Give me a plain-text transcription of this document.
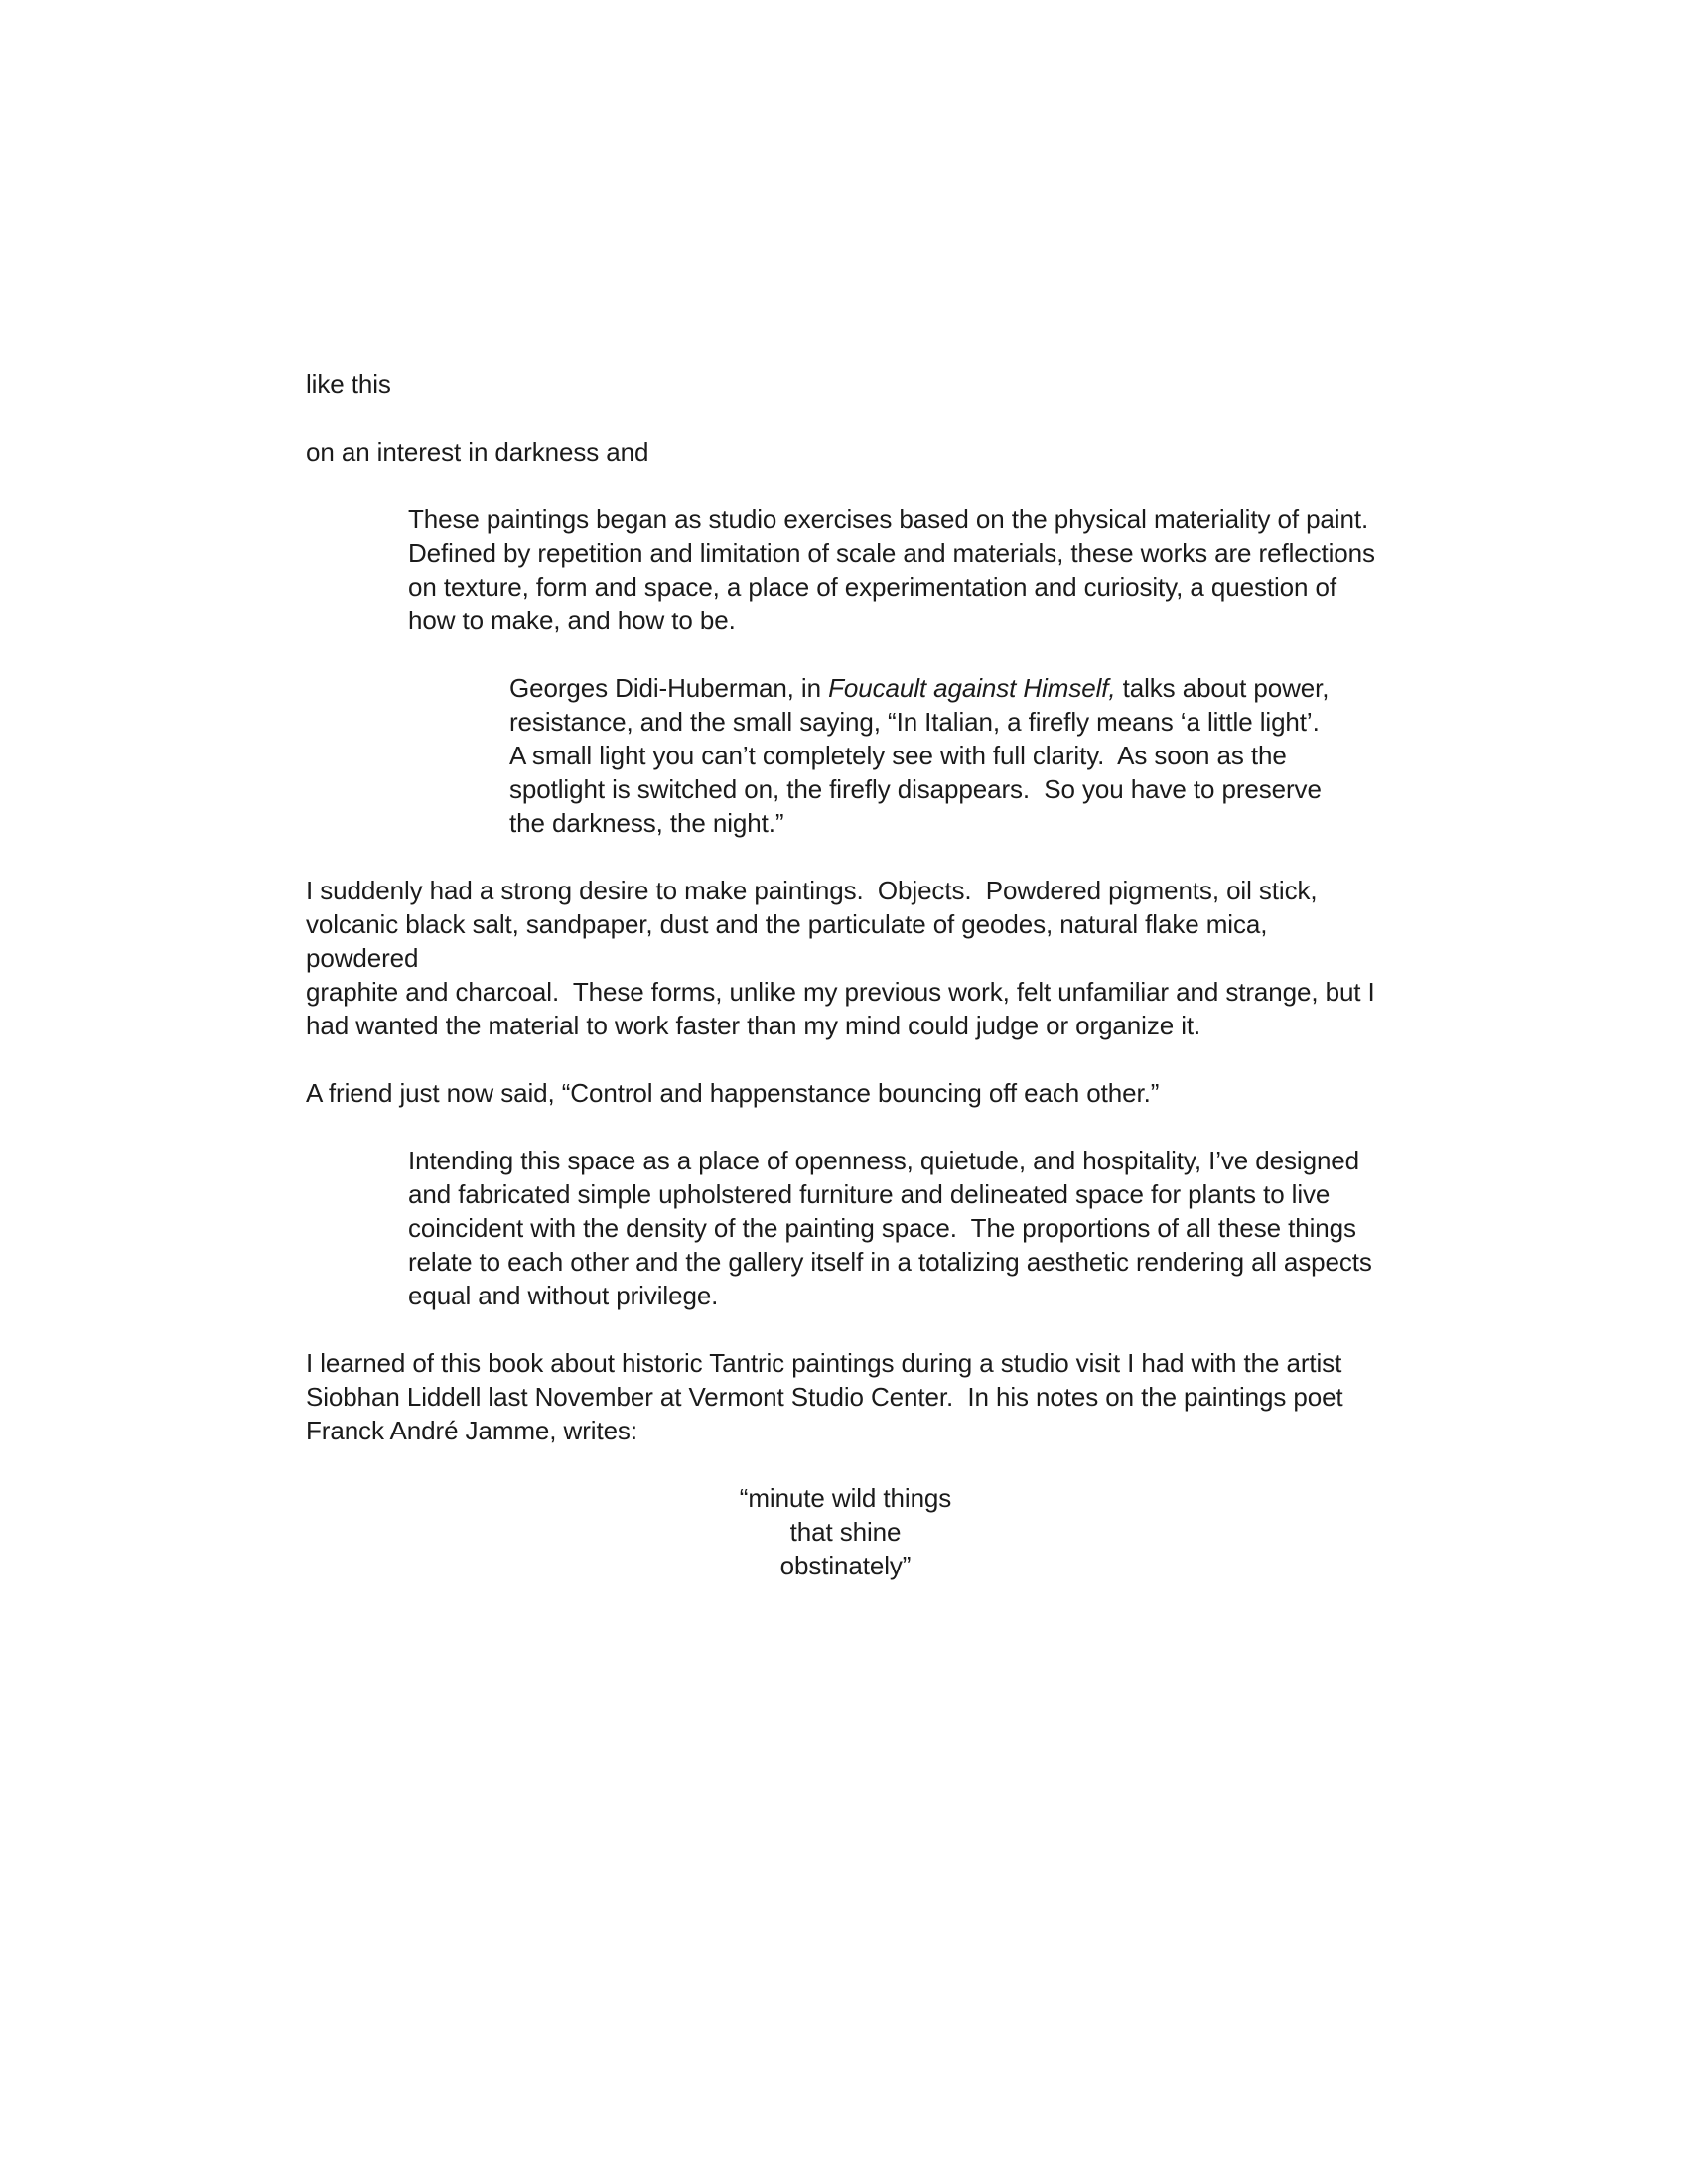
like this
on an interest in darkness and
These paintings began as studio exercises based on the physical materiality of paint.
Defined by repetition and limitation of scale and materials, these works are reflections
on texture, form and space, a place of experimentation and curiosity, a question of
how to make, and how to be.
Georges Didi-Huberman, in Foucault against Himself, talks about power,
resistance, and the small saying, “In Italian, a firefly means ‘a little light’.
A small light you can’t completely see with full clarity.  As soon as the
spotlight is switched on, the firefly disappears.  So you have to preserve
the darkness, the night.”
I suddenly had a strong desire to make paintings.  Objects.  Powdered pigments, oil stick,
volcanic black salt, sandpaper, dust and the particulate of geodes, natural flake mica, powdered
graphite and charcoal.  These forms, unlike my previous work, felt unfamiliar and strange, but I
had wanted the material to work faster than my mind could judge or organize it.
A friend just now said, “Control and happenstance bouncing off each other.”
Intending this space as a place of openness, quietude, and hospitality, I’ve designed
and fabricated simple upholstered furniture and delineated space for plants to live
coincident with the density of the painting space.  The proportions of all these things
relate to each other and the gallery itself in a totalizing aesthetic rendering all aspects
equal and without privilege.
I learned of this book about historic Tantric paintings during a studio visit I had with the artist
Siobhan Liddell last November at Vermont Studio Center.  In his notes on the paintings poet
Franck André Jamme, writes:
“minute wild things
that shine
obstinately”
